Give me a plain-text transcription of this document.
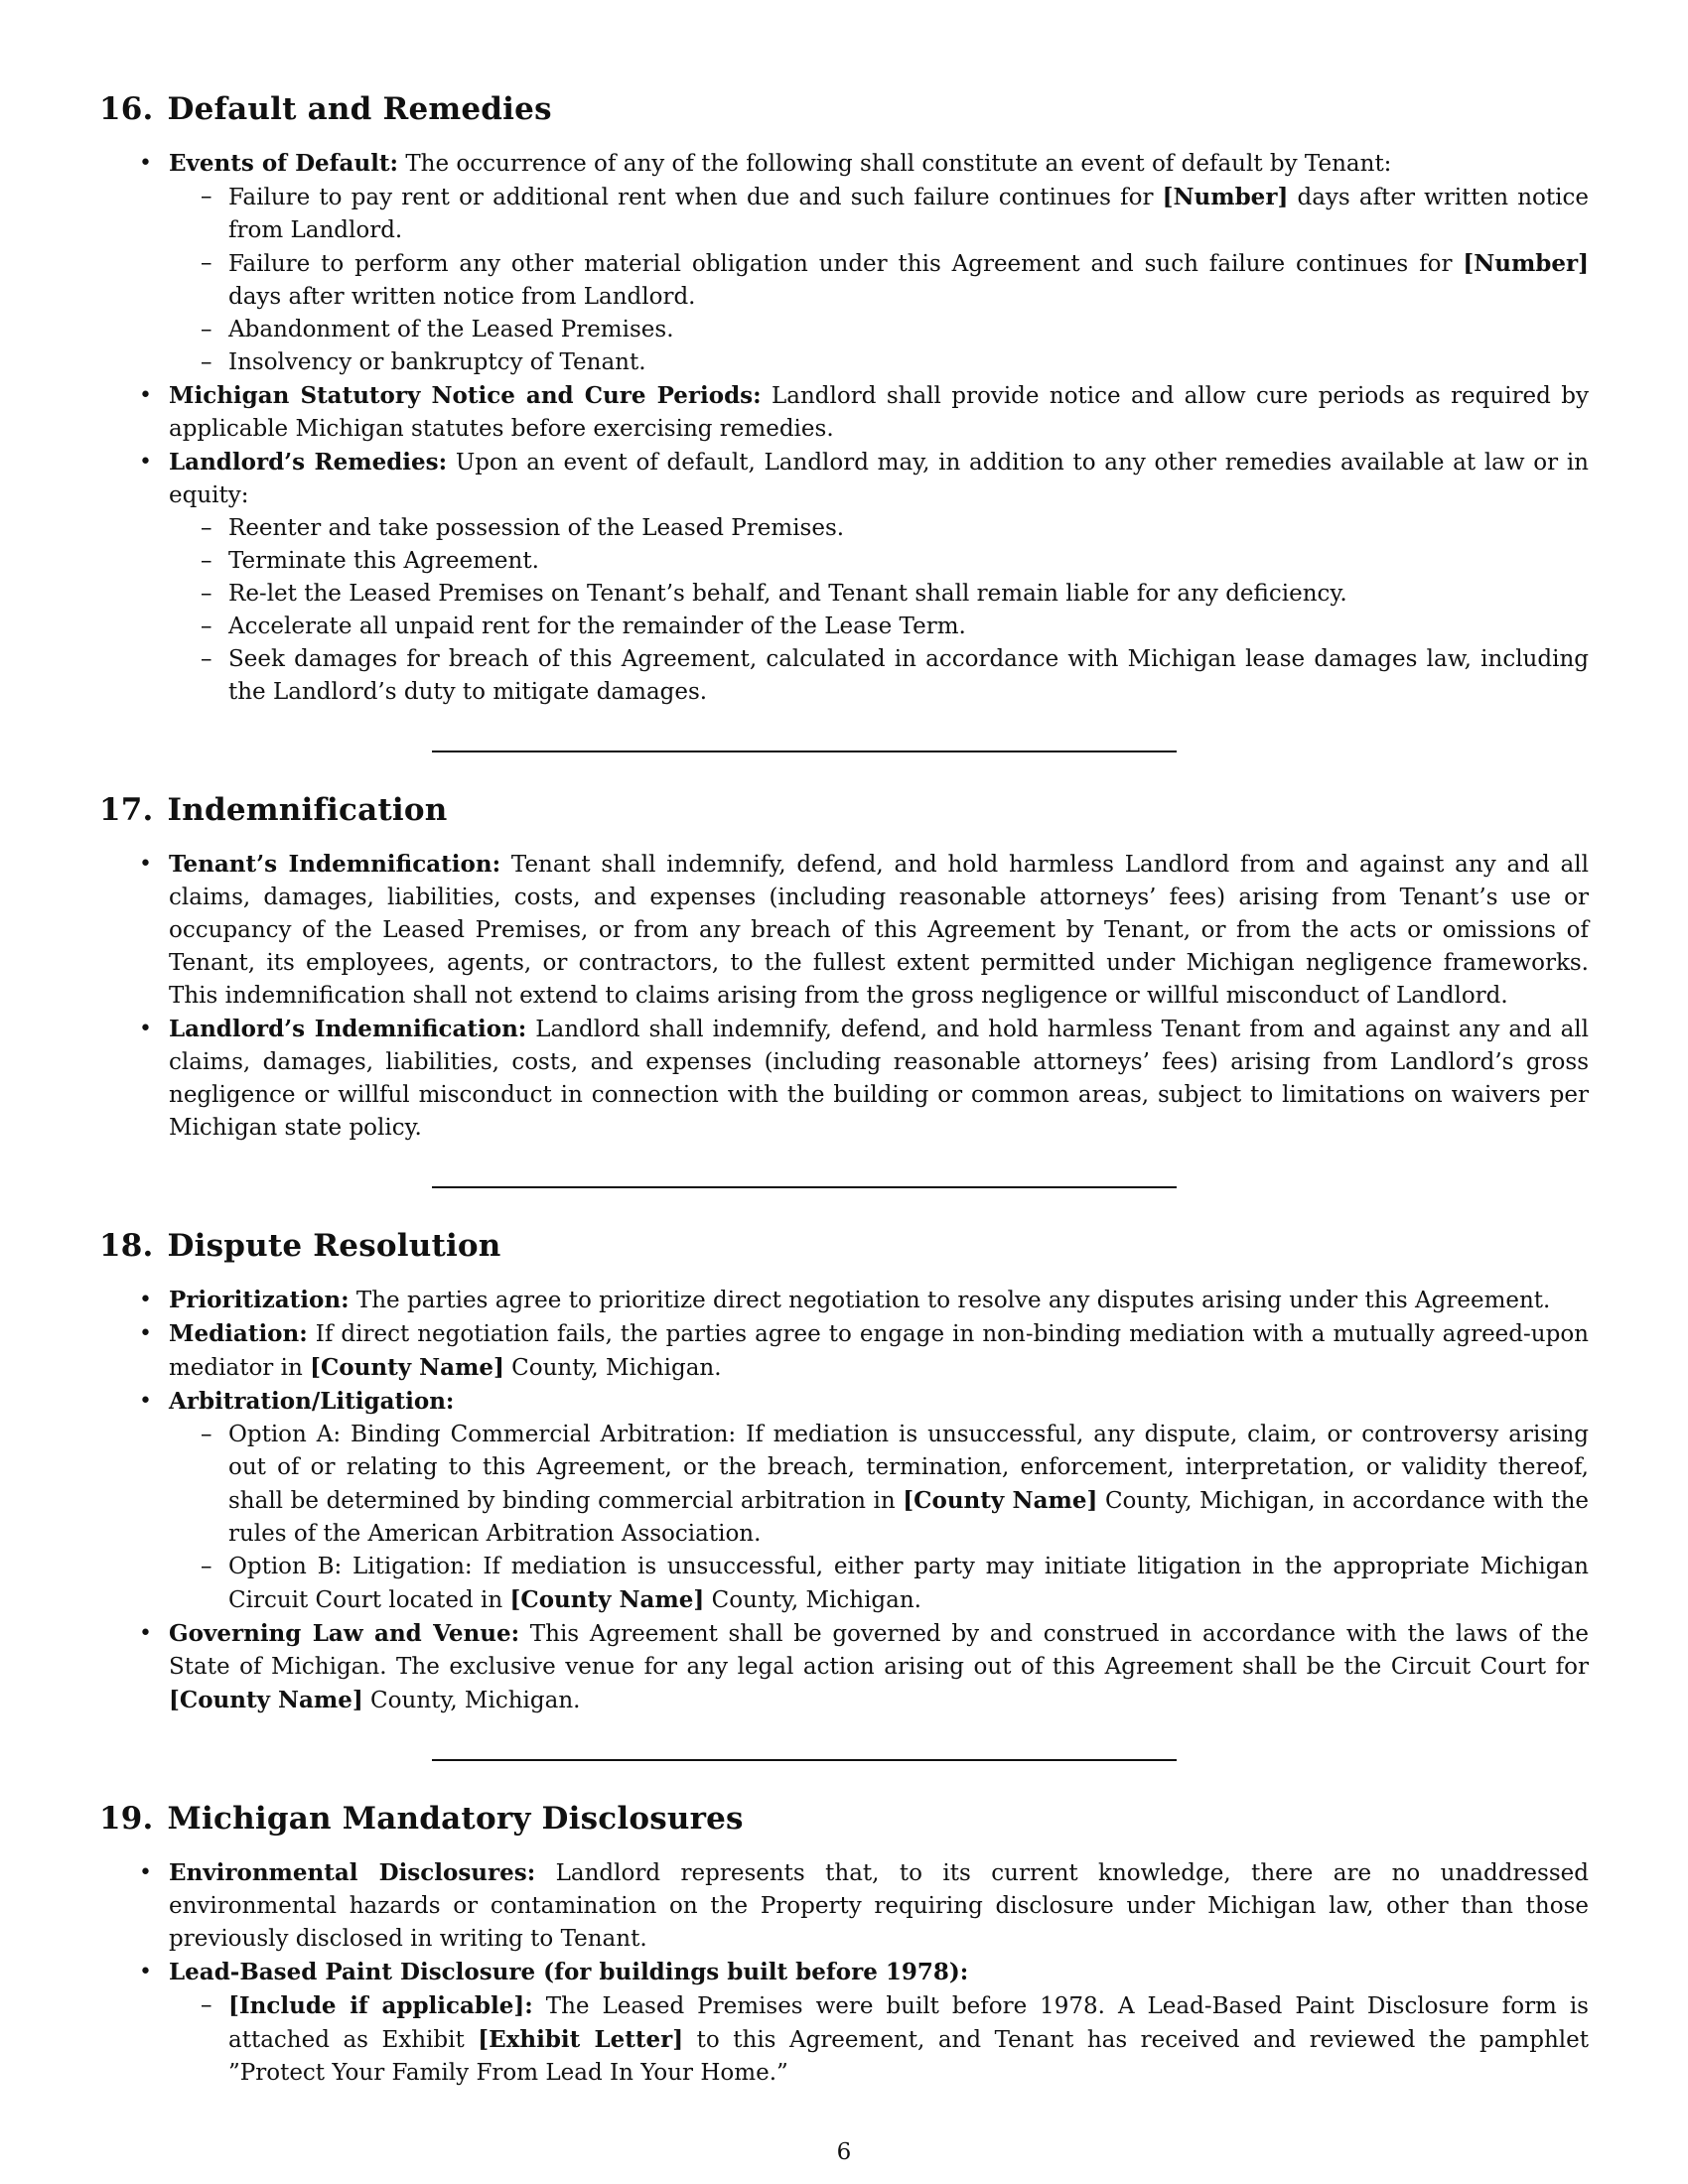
16. Default and Remedies
• Events of Default: The occurrence of any of the following shall constitute an event of default by Tenant:
– Failure to pay rent or additional rent when due and such failure continues for [Number] days after written notice from Landlord.
– Failure to perform any other material obligation under this Agreement and such failure continues for [Number] days after written notice from Landlord.
– Abandonment of the Leased Premises.
– Insolvency or bankruptcy of Tenant.
• Michigan Statutory Notice and Cure Periods: Landlord shall provide notice and allow cure periods as required by applicable Michigan statutes before exercising remedies.
• Landlord’s Remedies: Upon an event of default, Landlord may, in addition to any other remedies available at law or in equity:
– Reenter and take possession of the Leased Premises.
– Terminate this Agreement.
– Re-let the Leased Premises on Tenant’s behalf, and Tenant shall remain liable for any deficiency.
– Accelerate all unpaid rent for the remainder of the Lease Term.
– Seek damages for breach of this Agreement, calculated in accordance with Michigan lease damages law, including the Landlord’s duty to mitigate damages.
17. Indemnification
• Tenant’s Indemnification: Tenant shall indemnify, defend, and hold harmless Landlord from and against any and all claims, damages, liabilities, costs, and expenses (including reasonable attorneys’ fees) arising from Tenant’s use or occupancy of the Leased Premises, or from any breach of this Agreement by Tenant, or from the acts or omissions of Tenant, its employees, agents, or contractors, to the fullest extent permitted under Michigan negligence frameworks. This indemnification shall not extend to claims arising from the gross negligence or willful misconduct of Landlord.
• Landlord’s Indemnification: Landlord shall indemnify, defend, and hold harmless Tenant from and against any and all claims, damages, liabilities, costs, and expenses (including reasonable attorneys’ fees) arising from Landlord’s gross negligence or willful misconduct in connection with the building or common areas, subject to limitations on waivers per Michigan state policy.
18. Dispute Resolution
• Prioritization: The parties agree to prioritize direct negotiation to resolve any disputes arising under this Agreement.
• Mediation: If direct negotiation fails, the parties agree to engage in non-binding mediation with a mutually agreed-upon mediator in [County Name] County, Michigan.
• Arbitration/Litigation:
– Option A: Binding Commercial Arbitration: If mediation is unsuccessful, any dispute, claim, or controversy arising out of or relating to this Agreement, or the breach, termination, enforcement, interpretation, or validity thereof, shall be determined by binding commercial arbitration in [County Name] County, Michigan, in accordance with the rules of the American Arbitration Association.
– Option B: Litigation: If mediation is unsuccessful, either party may initiate litigation in the appropriate Michigan Circuit Court located in [County Name] County, Michigan.
• Governing Law and Venue: This Agreement shall be governed by and construed in accordance with the laws of the State of Michigan. The exclusive venue for any legal action arising out of this Agreement shall be the Circuit Court for [County Name] County, Michigan.
19. Michigan Mandatory Disclosures
• Environmental Disclosures: Landlord represents that, to its current knowledge, there are no unaddressed environmental hazards or contamination on the Property requiring disclosure under Michigan law, other than those previously disclosed in writing to Tenant.
• Lead-Based Paint Disclosure (for buildings built before 1978):
– [Include if applicable]: The Leased Premises were built before 1978. A Lead-Based Paint Disclosure form is attached as Exhibit [Exhibit Letter] to this Agreement, and Tenant has received and reviewed the pamphlet ”Protect Your Family From Lead In Your Home.”
6
